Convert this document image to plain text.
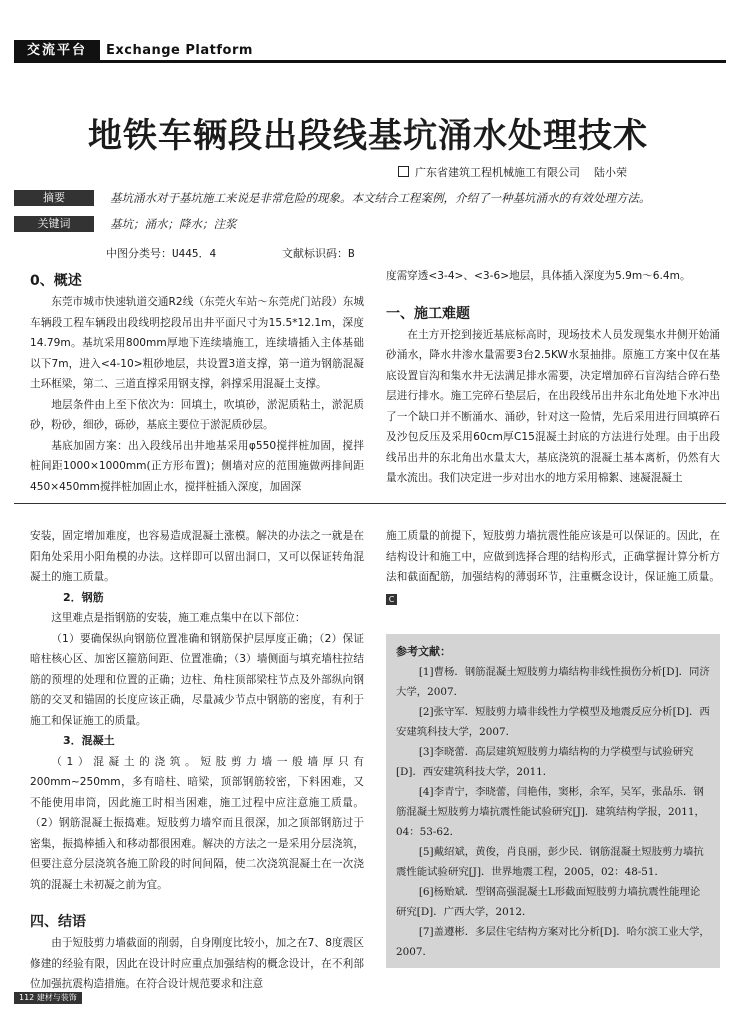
交流平台	Exchange Platform
地铁车辆段出段线基坑涌水处理技术
广东省建筑工程机械施工有限公司 陆小荣
摘要	基坑涌水对于基坑施工来说是非常危险的现象。本文结合工程案例，介绍了一种基坑涌水的有效处理方法。
关键词	基坑；涌水；降水；注浆
中图分类号：U445．4	文献标识码：B
0、概述

东莞市城市快速轨道交通R2线（东莞火车站～东莞虎门站段）东城车辆段工程车辆段出段线明挖段吊出井平面尺寸为15.5*12.1m，深度14.79m。基坑采用800mm厚地下连续墙施工，连续墙插入主体基础以下7m，进入<4-10>粗砂地层，共设置3道支撑，第一道为钢筋混凝土环框梁，第二、三道直撑采用钢支撑，斜撑采用混凝土支撑。

地层条件由上至下依次为：回填土，吹填砂，淤泥质粘土，淤泥质砂，粉砂，细砂，砾砂，基底主要位于淤泥质砂层。

基底加固方案：出入段线吊出井地基采用φ550搅拌桩加固，搅拌桩间距1000×1000mm(正方形布置)；侧墙对应的范围施做两排间距450×450mm搅拌桩加固止水，搅拌桩插入深度，加固深

度需穿透<3-4>、<3-6>地层，具体插入深度为5.9m～6.4m。

一、施工难题

在土方开挖到接近基底标高时，现场技术人员发现集水井侧开始涌砂涌水，降水井渗水量需要3台2.5KW水泵抽排。原施工方案中仅在基底设置盲沟和集水井无法满足排水需要，决定增加碎石盲沟结合碎石垫层进行排水。施工完碎石垫层后，在出段线吊出井东北角处地下水冲出了一个缺口并不断涌水、涌砂，针对这一险情，先后采用进行回填碎石及沙包反压及采用60cm厚C15混凝土封底的方法进行处理。由于出段线吊出井的东北角出水量太大，基底浇筑的混凝土基本离析，仍然有大量水流出。我们决定进一步对出水的地方采用棉絮、速凝混凝土

安装，固定增加难度，也容易造成混凝土涨模。解决的办法之一就是在阳角处采用小阳角模的办法。这样即可以留出洞口，又可以保证转角混凝土的施工质量。

2．钢筋

这里难点是指钢筋的安装，施工难点集中在以下部位：

（1）要确保纵向钢筋位置准确和钢筋保护层厚度正确；（2）保证暗柱核心区、加密区箍筋间距、位置准确；（3）墙侧面与填充墙柱拉结筋的预埋的处理和位置的正确；边柱、角柱顶部梁柱节点及外部纵向钢筋的交叉和锚固的长度应该正确，尽量减少节点中钢筋的密度，有利于施工和保证施工的质量。

3．混凝土

（1）混凝土的浇筑。短肢剪力墙一般墙厚只有200mm~250mm，多有暗柱、暗梁，顶部钢筋较密，下料困难，又不能使用串筒，因此施工时相当困难，施工过程中应注意施工质量。（2）钢筋混凝土振捣难。短肢剪力墙窄而且很深，加之顶部钢筋过于密集，振捣棒插入和移动都很困难。解决的方法之一是采用分层浇筑，但要注意分层浇筑各施工阶段的时间间隔，使二次浇筑混凝土在一次浇筑的混凝土未初凝之前为宜。

四、结语

由于短肢剪力墙截面的削弱，自身刚度比较小，加之在7、8度震区修建的经验有限，因此在设计时应重点加强结构的概念设计，在不利部位加强抗震构造措施。在符合设计规范要求和注意

施工质量的前提下，短肢剪力墙抗震性能应该是可以保证的。因此，在结构设计和施工中，应做到选择合理的结构形式，正确掌握计算分析方法和截面配筋，加强结构的薄弱环节，注重概念设计，保证施工质量。C

参考文献：

[1]曹杨．钢筋混凝土短肢剪力墙结构非线性损伤分析[D]．同济大学，2007．

[2]张守军．短肢剪力墙非线性力学模型及地震反应分析[D]．西安建筑科技大学，2007．

[3]李晓蕾．高层建筑短肢剪力墙结构的力学模型与试验研究[D]．西安建筑科技大学，2011．

[4]李青宁，李晓蕾，闫艳伟，窦彬，余军，吴军，张晶乐．钢筋混凝土短肢剪力墙抗震性能试验研究[J]．建筑结构学报，2011，04：53-62．

[5]戴绍斌，黄俊，肖良丽，彭少民．钢筋混凝土短肢剪力墙抗震性能试验研究[J]．世界地震工程，2005，02：48-51．

[6]杨贻斌．型钢高强混凝土L形截面短肢剪力墙抗震性能理论研究[D]．广西大学，2012．

[7]盖遵彬．多层住宅结构方案对比分析[D]．哈尔滨工业大学，2007．

112 建材与装饰
